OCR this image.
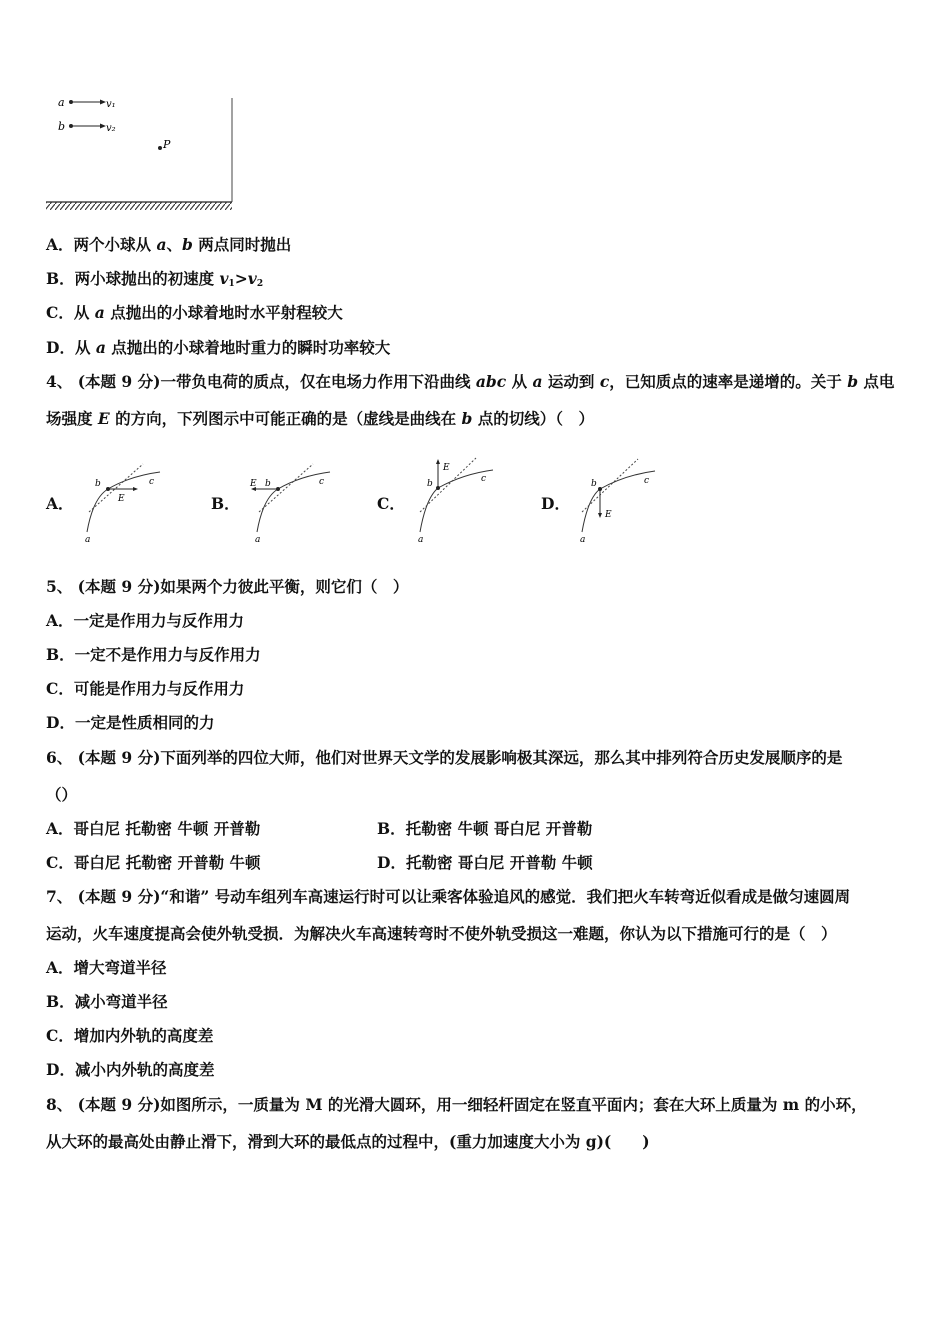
a	v₁
b	v₂
P
A．两个小球从 a、b 两点同时抛出
B．两小球抛出的初速度 $v_1>v_2$
C．从 a 点抛出的小球着地时水平射程较大
D．从 a 点抛出的小球着地时重力的瞬时功率较大
4、 (本题 9 分)一带负电荷的质点，仅在电场力作用下沿曲线 abc 从 a 运动到 c，已知质点的速率是递增的。关于 b 点电
场强度 E 的方向，下列图示中可能正确的是（虚线是曲线在 b 点的切线）（　）
A．
b
E
c
a
B．
E b	c
a
C．
E
b	c
a
D．
b
E
c
a
5、 (本题 9 分)如果两个力彼此平衡，则它们（　）
A．一定是作用力与反作用力
B．一定不是作用力与反作用力
C．可能是作用力与反作用力
D．一定是性质相同的力
6、 (本题 9 分)下面列举的四位大师，他们对世界天文学的发展影响极其深远，那么其中排列符合历史发展顺序的是
（）
A．哥白尼 托勒密 牛顿 开普勒	B．托勒密 牛顿 哥白尼 开普勒
C．哥白尼 托勒密 开普勒 牛顿	D．托勒密 哥白尼 开普勒 牛顿
7、 (本题 9 分)“和谐” 号动车组列车高速运行时可以让乘客体验追风的感觉．我们把火车转弯近似看成是做匀速圆周
运动，火车速度提高会使外轨受损．为解决火车高速转弯时不使外轨受损这一难题，你认为以下措施可行的是（　）
A．增大弯道半径
B．减小弯道半径
C．增加内外轨的高度差
D．减小内外轨的高度差
8、 (本题 9 分)如图所示，一质量为 M 的光滑大圆环，用一细轻杆固定在竖直平面内；套在大环上质量为 m 的小环，
从大环的最高处由静止滑下，滑到大环的最低点的过程中，(重力加速度大小为 g)(　　)
